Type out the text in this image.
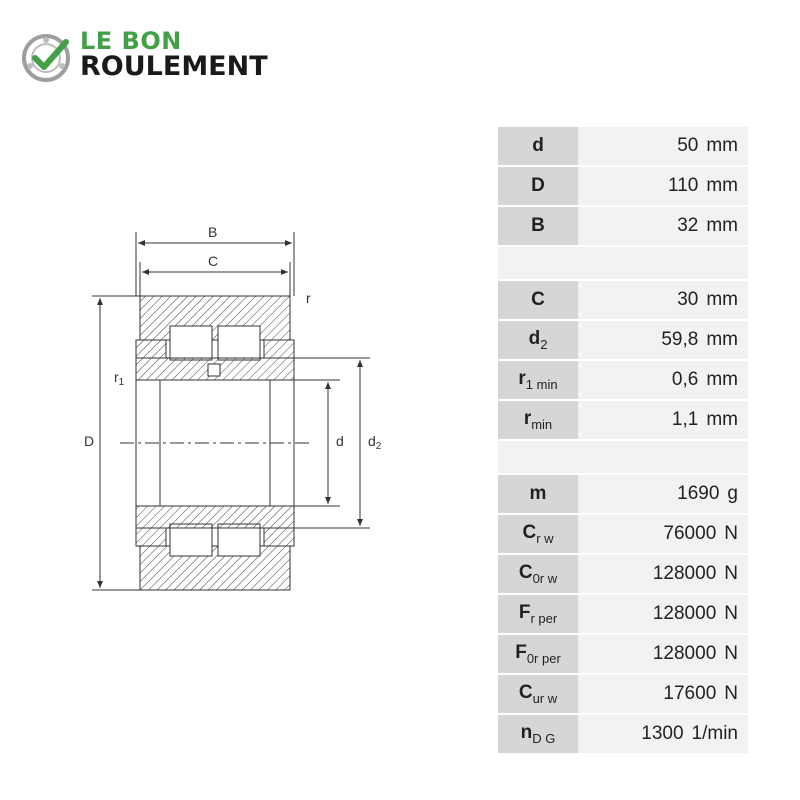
LE BON
ROULEMENT
B
C
r
$r_1$
D	d $d_2$
d	50 mm
D	110 mm
B	32 mm

C	30 mm
$d_2$	59,8 mm
$r_{1 min}$	0,6 mm
$r_{min}$	1,1 mm

m	1690 g
$C_{r w}$	76000 N
$C_{0r w}$	128000 N
$F_{r per}$	128000 N
$F_{0r per}$	128000 N
$C_{ur w}$	17600 N
$n_{D G}$	1300 1/min
